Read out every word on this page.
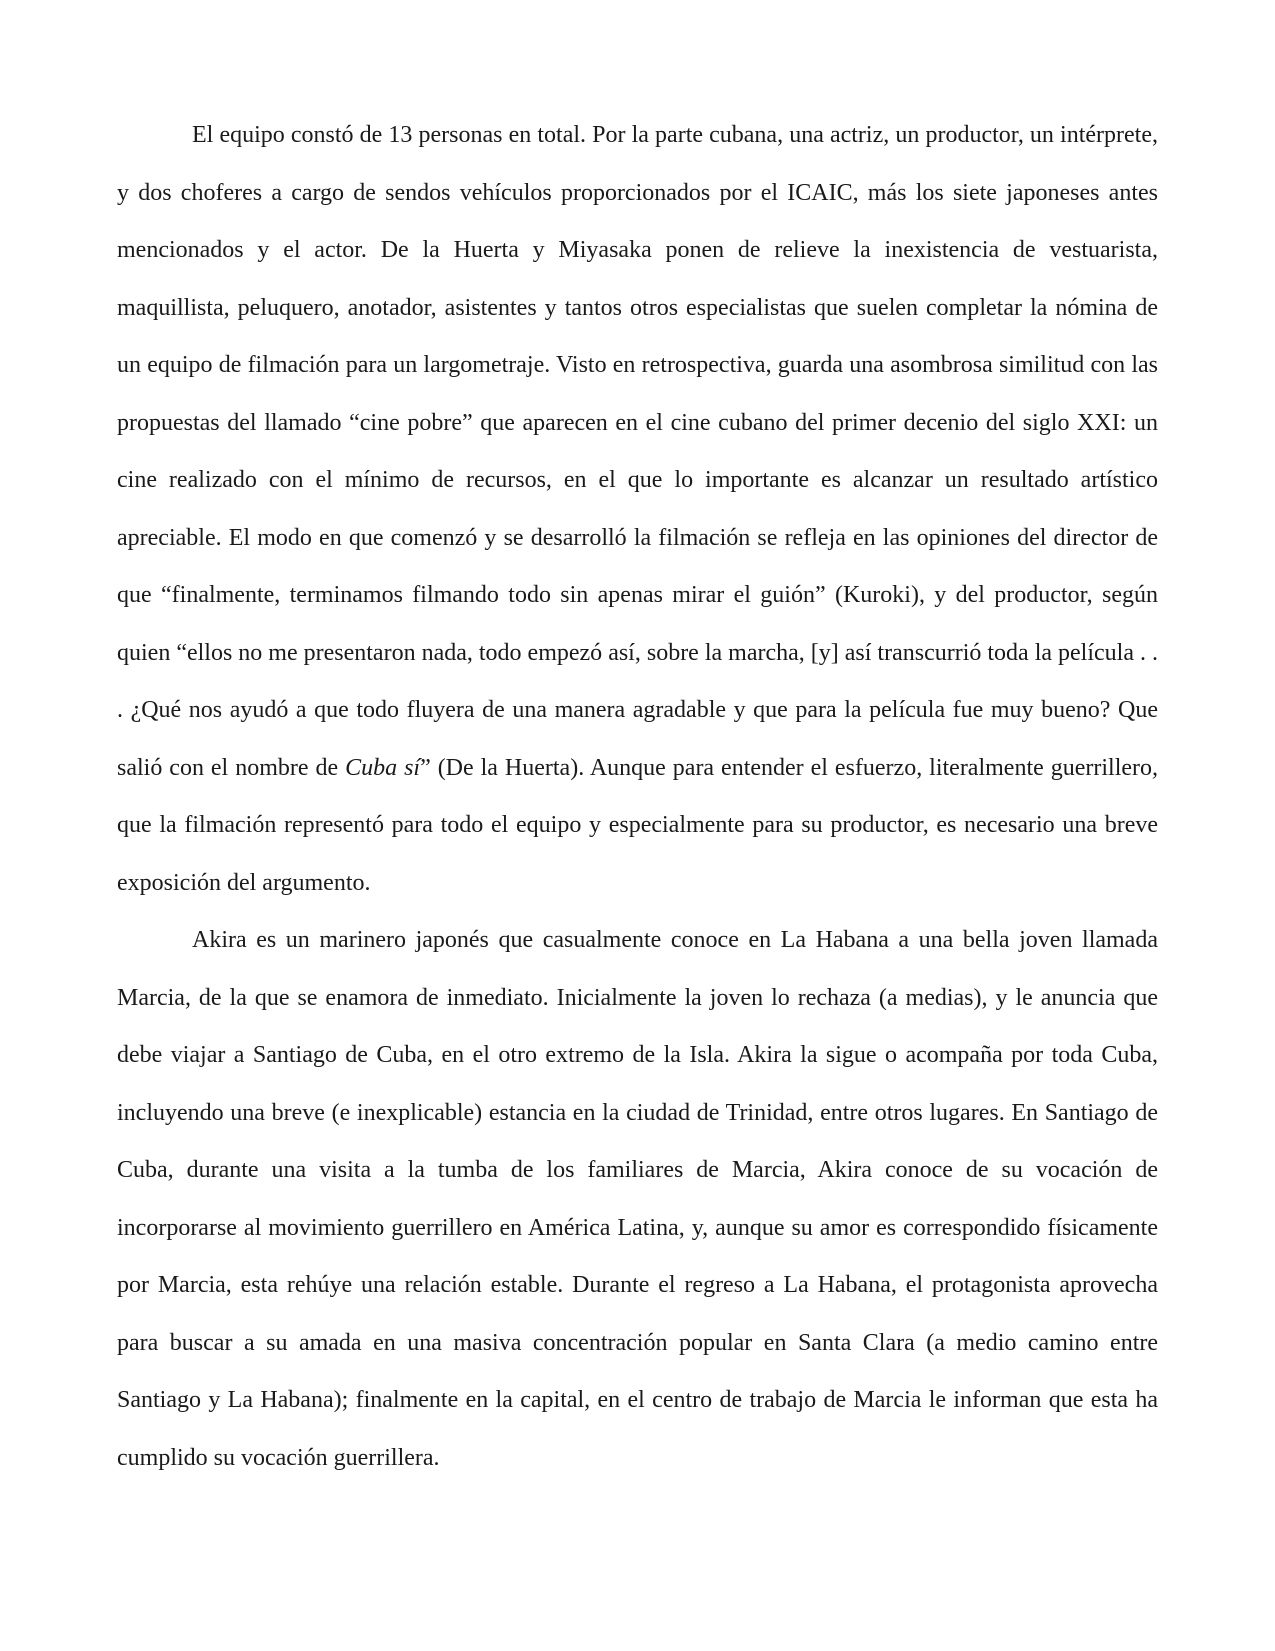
El equipo constó de 13 personas en total. Por la parte cubana, una actriz, un productor, un intérprete, y dos choferes a cargo de sendos vehículos proporcionados por el ICAIC, más los siete japoneses antes mencionados y el actor. De la Huerta y Miyasaka ponen de relieve la inexistencia de vestuarista, maquillista, peluquero, anotador, asistentes y tantos otros especialistas que suelen completar la nómina de un equipo de filmación para un largometraje. Visto en retrospectiva, guarda una asombrosa similitud con las propuestas del llamado “cine pobre” que aparecen en el cine cubano del primer decenio del siglo XXI: un cine realizado con el mínimo de recursos, en el que lo importante es alcanzar un resultado artístico apreciable. El modo en que comenzó y se desarrolló la filmación se refleja en las opiniones del director de que “finalmente, terminamos filmando todo sin apenas mirar el guión” (Kuroki), y del productor, según quien “ellos no me presentaron nada, todo empezó así, sobre la marcha, [y] así transcurrió toda la película . . . ¿Qué nos ayudó a que todo fluyera de una manera agradable y que para la película fue muy bueno? Que salió con el nombre de Cuba sí” (De la Huerta). Aunque para entender el esfuerzo, literalmente guerrillero, que la filmación representó para todo el equipo y especialmente para su productor, es necesario una breve exposición del argumento.

Akira es un marinero japonés que casualmente conoce en La Habana a una bella joven llamada Marcia, de la que se enamora de inmediato. Inicialmente la joven lo rechaza (a medias), y le anuncia que debe viajar a Santiago de Cuba, en el otro extremo de la Isla. Akira la sigue o acompaña por toda Cuba, incluyendo una breve (e inexplicable) estancia en la ciudad de Trinidad, entre otros lugares. En Santiago de Cuba, durante una visita a la tumba de los familiares de Marcia, Akira conoce de su vocación de incorporarse al movimiento guerrillero en América Latina, y, aunque su amor es correspondido físicamente por Marcia, esta rehúye una relación estable. Durante el regreso a La Habana, el protagonista aprovecha para buscar a su amada en una masiva concentración popular en Santa Clara (a medio camino entre Santiago y La Habana); finalmente en la capital, en el centro de trabajo de Marcia le informan que esta ha cumplido su vocación guerrillera.
